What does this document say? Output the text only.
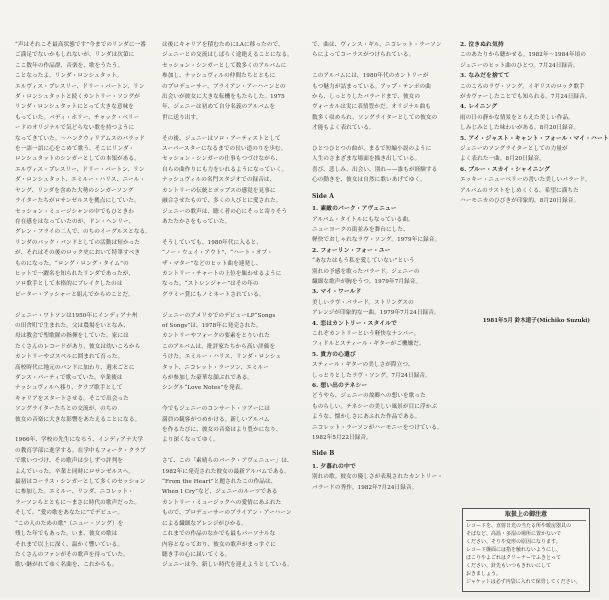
“声はそれこそ最高状態です”今までのリンダに一番

ご満足でないかもしれないが、リンダは次第に

ここ数年の作品群、音楽を、歌をうたう。

ことなったよ、リンダ・ロンシュタット。

エルヴィス・プレスリー、ドリー・パートン、リン

ダ・ロンシュタットと続くカントリー・ソングが

リンダ・ロンシュタットにとって大きな意味を

もっていた。バディ・ホリー、チャック・ベリー

ードのオリジナルで気どらない歌を持つように

なってきていた。〜ハンクウィリアムスのバラッド

を一語一語に心をこめて歌う、そこにリンダ・

ロンシュタットのシンガーとしての本領がある。

エルヴィス・プレスリー、ドリー・パートン、リン

ダ・ロンシュタット、エミルー・ハリス、ニール・

ヤング、リンダを含めた大勢のシンガーソング

ライターたちがロサンゼルスを拠点にしていた。

セッション・ミュージシャンの中でもひときわ

存在感をはなっていたのが、ドン・ヘンリー、

グレン・フライの二人で、のちのイーグルスとなる。

リンダのバック・バンドとしての活動は短かった

が、それはその後のロック史において特筆すべき

ものになった。“ロング・ロング・タイム”の

ヒットで一躍名を知られたリンダであったが、

ソロ歌手として本格的にブレイクしたのは

ピーター・アッシャーと組んでからのことだ。

ジェニー・ワトソンは1950年にインディアナ州

の田舎町で生まれた。父は農場をいとなみ、

母は教会で聖歌隊の指揮をしていた。家には

たくさんのレコードがあり、彼女は幼いころから

カントリーやゴスペルに囲まれて育った。

高校時代に地元のバンドに加わり、週末ごとに

ダンス・パーティで歌っていた。卒業後は

ナッシュヴィルへ移り、クラブ歌手として

キャリアをスタートさせる。そこで出会った

ソングライターたちとの交流が、のちの

彼女の音楽に大きな影響をあたえることになる。

1966年、学校の先生になろう、インディアナ大学

の教育学部に進学する。在学中もフォーク・クラブ

で歌いつづけ、その歌声は少しずつ評判を

よんでいった。卒業と同時にロサンゼルスへ。

最初はコーラス・シンガーとして多くのセッション

に参加した。エミルー、リンダ、ニコレット・

ラーソンらとともに〜まさに時代の歌声だった。

そして、“愛の歌をあなたに”でデビュー。

“この人のための歌”（ニュー・ソング）を

残した年でもあった。いま、彼女の歌は

それまで以上に深く、温かく響いている。

たくさんのファンがその歌声を待っていた。

歌い継がれてゆく名曲を、これからも。

は後にキャリアを積むためにLAに移ったので、

ジェニーとの交流はしばらく途絶えることになる。

セッション・シンガーとして数多くのアルバムに

参加し、ナッシュヴィルの仲間たちとともに

のプロデューサー、ブライアン・アーハーンとの

出会いが彼女に大きな転機をもたらした。1975

年、ジェニーは初めて自分名義のアルバムを

世に送り出す。

その後、ジェニーはソロ・アーティストとして

スーパースターになるまでの長い道のりを歩む。

セッション・シンガーの仕事もつづけながら、

自らの曲作りにも力をいれるようになっていく。

ナッシュヴィルの名門スタジオでの録音は、

カントリーの伝統とポップスの感覚を見事に

融合させたもので、多くの人びとに愛された。

ジェニーの歌声は、聴く者の心にそっと寄りそう

あたたかさをもっていた。

そうしていても、1980年代に入ると、

“ノー・ウェイ・アウト”、“ハート・オブ・

ザ・マター”などのヒット曲を連発し、

カントリー・チャートの上位を賑わせるように

なった。“ストレンジャー”はその年の

グラミー賞にもノミネートされている。

ジェニーのアメリカでのデビューLP“Songs

of Songs”は、1978年に発売された。

カントリーやフォークの要素をとりいれた

このアルバムは、批評家たちから高い評価を

うけた。エミルー・ハリス、リンダ・ロンシュ

タット、ニコレット・ラーソン、エミルー

らが参加した豪華な顔ぶれである。

シングル“Love Notes”を発表。

今でもジェニーのコンサート・ツアーには

満員の観客がつめかける。新しいアルバム

を作るたびに、彼女の音楽はより豊かになり、

より深くなってゆく。

さて、この「素晴らのバーク・アヴェニュー」は、

1982年に発売された彼女の最新アルバムである。

“From the Heart”と題されたこの作品は、

When I Cry”など、ジェニーのルーツである

カントリー・ミュージックへの愛情にあふれた

もので、プロデューサーのブライアン・アーハーン

による繊細なアレンジがひかる。

これまでの作品のなかでも最もパーソナルな

内容となっており、彼女の歌声がまっすぐに

聴き手の心に届いてくる。

ジェニーは今、新しい時代を迎えようとしている。

で、曲は、ヴィンス・ギル、ニコレット・ラーソン

らによってコーラスがつけられている。

このアルバムには、1980年代のカントリーが

もつ魅力が詰まっている。アップ・テンポの曲

から、しっとりしたバラードまで、彼女の

ヴォーカルは実に表情豊かだ。オリジナル曲も

数多く収められ、ソングライターとしての彼女の

才能もよく表れている。

ひとつひとつの曲が、まるで短編小説のように

人生のさまざまな場面を描き出している。

喜び、悲しみ、出会い、別れ——誰もが経験する

心の動きを、彼女は自然に歌いあげてゆく。

Side A

1. 素敵のパーク・アヴェニュー

アルバム・タイトルにもなっている曲。

ニューヨークの街並みを舞台にした、

軽快でおしゃれなラヴ・ソング。1979年に録音。

2. フォーリン・フォー・ユー

“あなたはもう私を愛していない”という

別れの予感を歌ったバラード。ジェニーの

繊細な歌声が胸をうつ。1979年7月録音。

3. マイ・ワールド

美しいラヴ・バラード。ストリングスの

アレンジが印象的な一曲。1979年7月24日録音。

4. 恋はカントリー・スタイルで

これぞカントリーという軽快なナンバー。

フィドルとスティール・ギターがご機嫌だ。

5. 貴方の心遣び

スティール・ギターの美しさが際立つ、

しっとりとしたラヴ・ソング。7月24日録音。

6. 想い出のテネシー

どうやら、ジェニーの故郷への想いを歌った

ものらしい。テネシーの美しい風景が目に浮かぶ

ような、懐かしさにあふれた作品である。

ニコレット・ラーソンがハーモニーをつけている。

1982年5月22日録音。

Side B

1. 夕暮れの中で

別れの歌。彼女の優しさが表現されたカントリー・

バラードの秀作。1982年7月24日録音。

2. 泣きぬれ気持

このあたりから聴かせる。1982年〜1984年頃の

ジェニーのヒット曲のひとつ。7月24日録音。

3. なみだを捨てて

このころのラヴ・ソング。イギリスのロック歌手

がカヴァーしたことでも知られる。7月24日録音。

4. レイニング

雨の日の静かな情景をとらえた美しい作品。

しみじみとした味わいがある。8月20日録音。

5. アイ・ジャスト・キャント・フォール・マイ・ハート

ジェニーのソングライターとしての力量が

よく表れた一曲。8月20日録音。

6. ブルー・スカイ・シャイニング

エッキー・ニューベリーの書いた美しいバラード。

アルバムのラストをしめくくる、希望に満ちた

ハーモニカのひびきが印象的。8月20日録音。

1981年5月 鈴木道子(Michiko Suzuki)
取扱上の御注意

レコードを、直射日光の当たる所や暖房器具の

そばなど、高温・多湿の場所に置かないで

ください。そりや変形の原因になります。

レコード盤面には指を触れないようにし、

ほこりやよごれはクリーナーでふきとって

ください。針先もいつもきれいにして

おきましょう。

ジャケットは必ず内袋に入れて保管してください。
